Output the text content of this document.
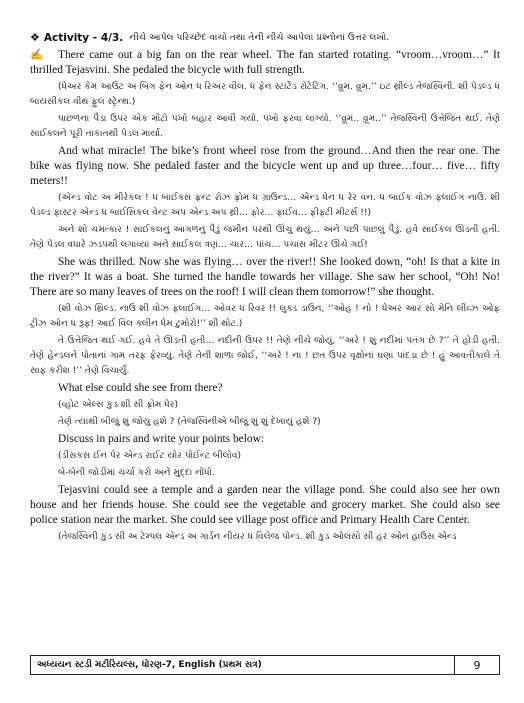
❖ Activity - 4/3. નીચે આપેલ પરિચ્છેદ વાંચો તથા તેની નીચે આપેલા પ્રશ્નોનાં ઉત્તર લખો.

✍ There came out a big fan on the rear wheel. The fan started rotating. “vroom…vroom…” It thrilled Tejasvini. She pedaled the bicycle with full strength.

(ધેઅર કેમ આઉટ અ બિગ ફેન ઓન ધ રિઅર વીલ. ધ ફેન સ્ટાર્ટેડ રોટેટિંગ. ‘‘વ્રૂમ. વ્રૂમ.’’ ઇટ થ્રીલ્ડ તેજસ્વિની. શી પેડલ્ડ ધ બાયસીકલ વીથ ફુલ સ્ટ્રેન્થ.)

પાછળના પૈડા ઉપર એક મોટો પંખો બહાર આવી ગયો. પંખો ફરવા લાગ્યો. ‘‘વ્રૂમ.. વ્રૂમ..’’ તેજસ્વિની ઉત્તેજિત થઈ. તેણે સાઈકલને પૂરી તાકાતથી પેડલ માર્યા.

And what miracle! The bike’s front wheel rose from the ground…And then the rear one. The bike was flying now. She pedaled faster and the bicycle went up and up three…four… five… fifty meters!!

(એન્ડ વોટ અ મીરેકલ ! ધ બાઈક્સ ફ્રન્ટ રોઝ ફ્રોમ ધ ગ્રાઉન્ડ… એન્ડ ધેન ધ રેર વન. ધ બાઈક વોઝ ફ્લાઈંગ નાઉ. શી પેડલ્ડ ફાસ્ટર એન્ડ ધ બાઈસિકલ વેન્ટ અપ એન્ડ અપ થ્રી… ફોર… ફાઈવ… ફીફ્ટી મીટર્સ !!)

અને શો ચમત્કાર ! સાઈકલનું આગળનું પૈડું જમીન પરથી ઊંચુ થયું… અને પછી પાછલું પૈડું. હવે સાઈકલ ઊડતી હતી. તેણે પેડલ વધારે ઝડપથી લગાવ્યાં અને સાઈકલ ત્રણ… ચાર… પાંચ… પચાસ મીટર ઊંચે ગઈ!

She was thrilled. Now she was flying… over the river!! She looked down, “oh! Is that a kite in the river?” It was a boat. She turned the handle towards her village. She saw her school, “Oh! No! There are so many leaves of trees on the roof! I will clean them tomorrow!” she thought.

(શી વોઝ થ્રિલ્ડ. નાઉ શી વોઝ ફ્લાઈંગ… ઓવર ધ રિવર !! લુક્ડ ડાઉન, ‘‘ઓહ ! નો ! ધેઅર આર સો મેનિ લીવ્ઝ ઓફ ટ્રીઝ ઓન ધ રૂફ! આઈ વિલ ક્લીન ધેમ ટુમોરો!’’ શી થોટ.)

તે ઉત્તેજિત થઈ ગઈ. હવે તે ઊડતી હતી… નદીની ઉપર !! તેણે નીચે જોયું, ‘‘અરે ! શું નદીમાં પતંગ છે ?’’ તે હોડી હતી. તેણે હેન્ડલને પોતાનાં ગામ તરફ ફેરવ્યું. તેણે તેની શાળા જોઈ, ‘‘અરે ! ના ! છત ઉપર વૃક્ષોનાં ઘણાં પાંદડા છે ! હું આવતીકાલે તે સાફ કરીશ !’’ તેણે વિચાર્યું.

What else could she see from there?

(વ્હોટ એલ્સ કુડ શી સી ફ્રોમ ધેર)

તેણે ત્યાંથી બીજું શું જોયુ હશે ? (તેજસ્વિનીએ બીજું શું શું દેખાયું હશે ?)

Discuss in pairs and write your points below:

(ડીસકસ ઈન પેર એન્ડ રાઈટ યોર પોઈન્ટ બીલોવ)

બે-બેની જોડીમાં ચર્ચા કરો અને મુદ્દા નોંધો.

Tejasvini could see a temple and a garden near the village pond. She could also see her own house and her friends house. She could see the vegetable and grocery market. She could also see police station near the market. She could see village post office and Primary Health Care Center.

(તેજસ્વિની કુડ સી અ ટેમ્પલ એન્ડ અ ગાર્ડન નીયર ધ વિલેજ પોન્ડ. શી કુડ ઓલસો સી હર ઓન હાઉસ એન્ડ

અધ્યયન સ્ટડી મટીરિયલ્સ, ધોરણ-7, English (પ્રથમ સત્ર)	9
